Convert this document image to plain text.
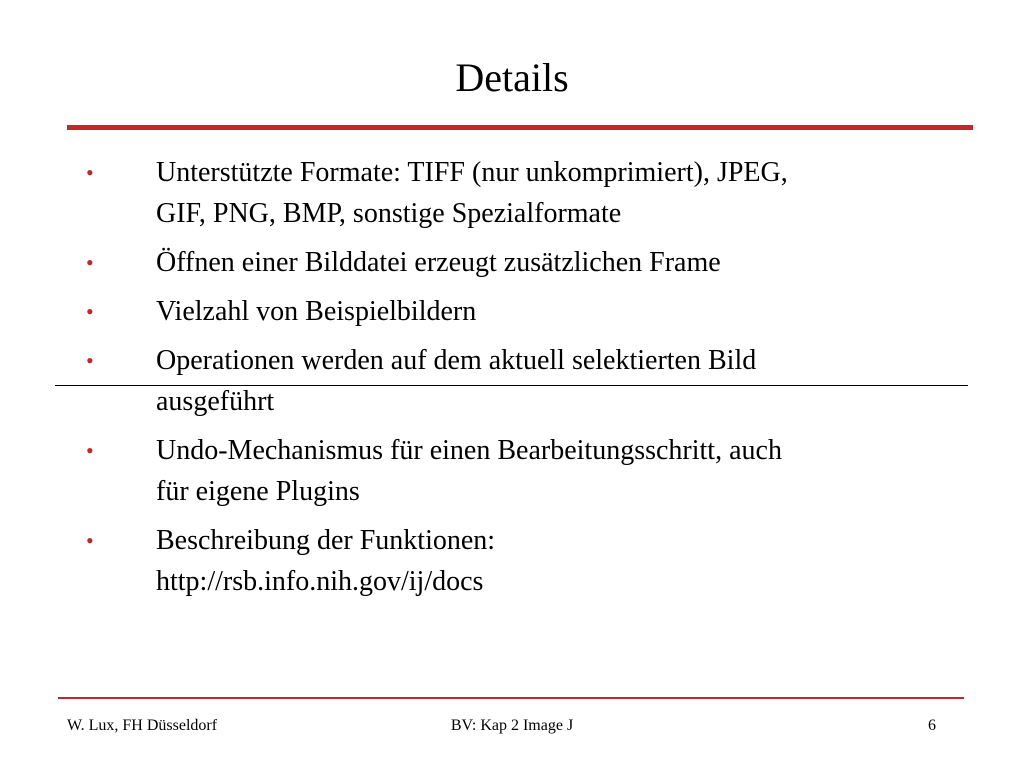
Details
• Unterstützte Formate: TIFF (nur unkomprimiert), JPEG,
GIF, PNG, BMP, sonstige Spezialformate
• Öffnen einer Bilddatei erzeugt zusätzlichen Frame
• Vielzahl von Beispielbildern
• Operationen werden auf dem aktuell selektierten Bild
ausgeführt
• Undo-Mechanismus für einen Bearbeitungsschritt, auch
für eigene Plugins
• Beschreibung der Funktionen:
http://rsb.info.nih.gov/ij/docs
W. Lux, FH Düsseldorf	BV: Kap 2 Image J	6
